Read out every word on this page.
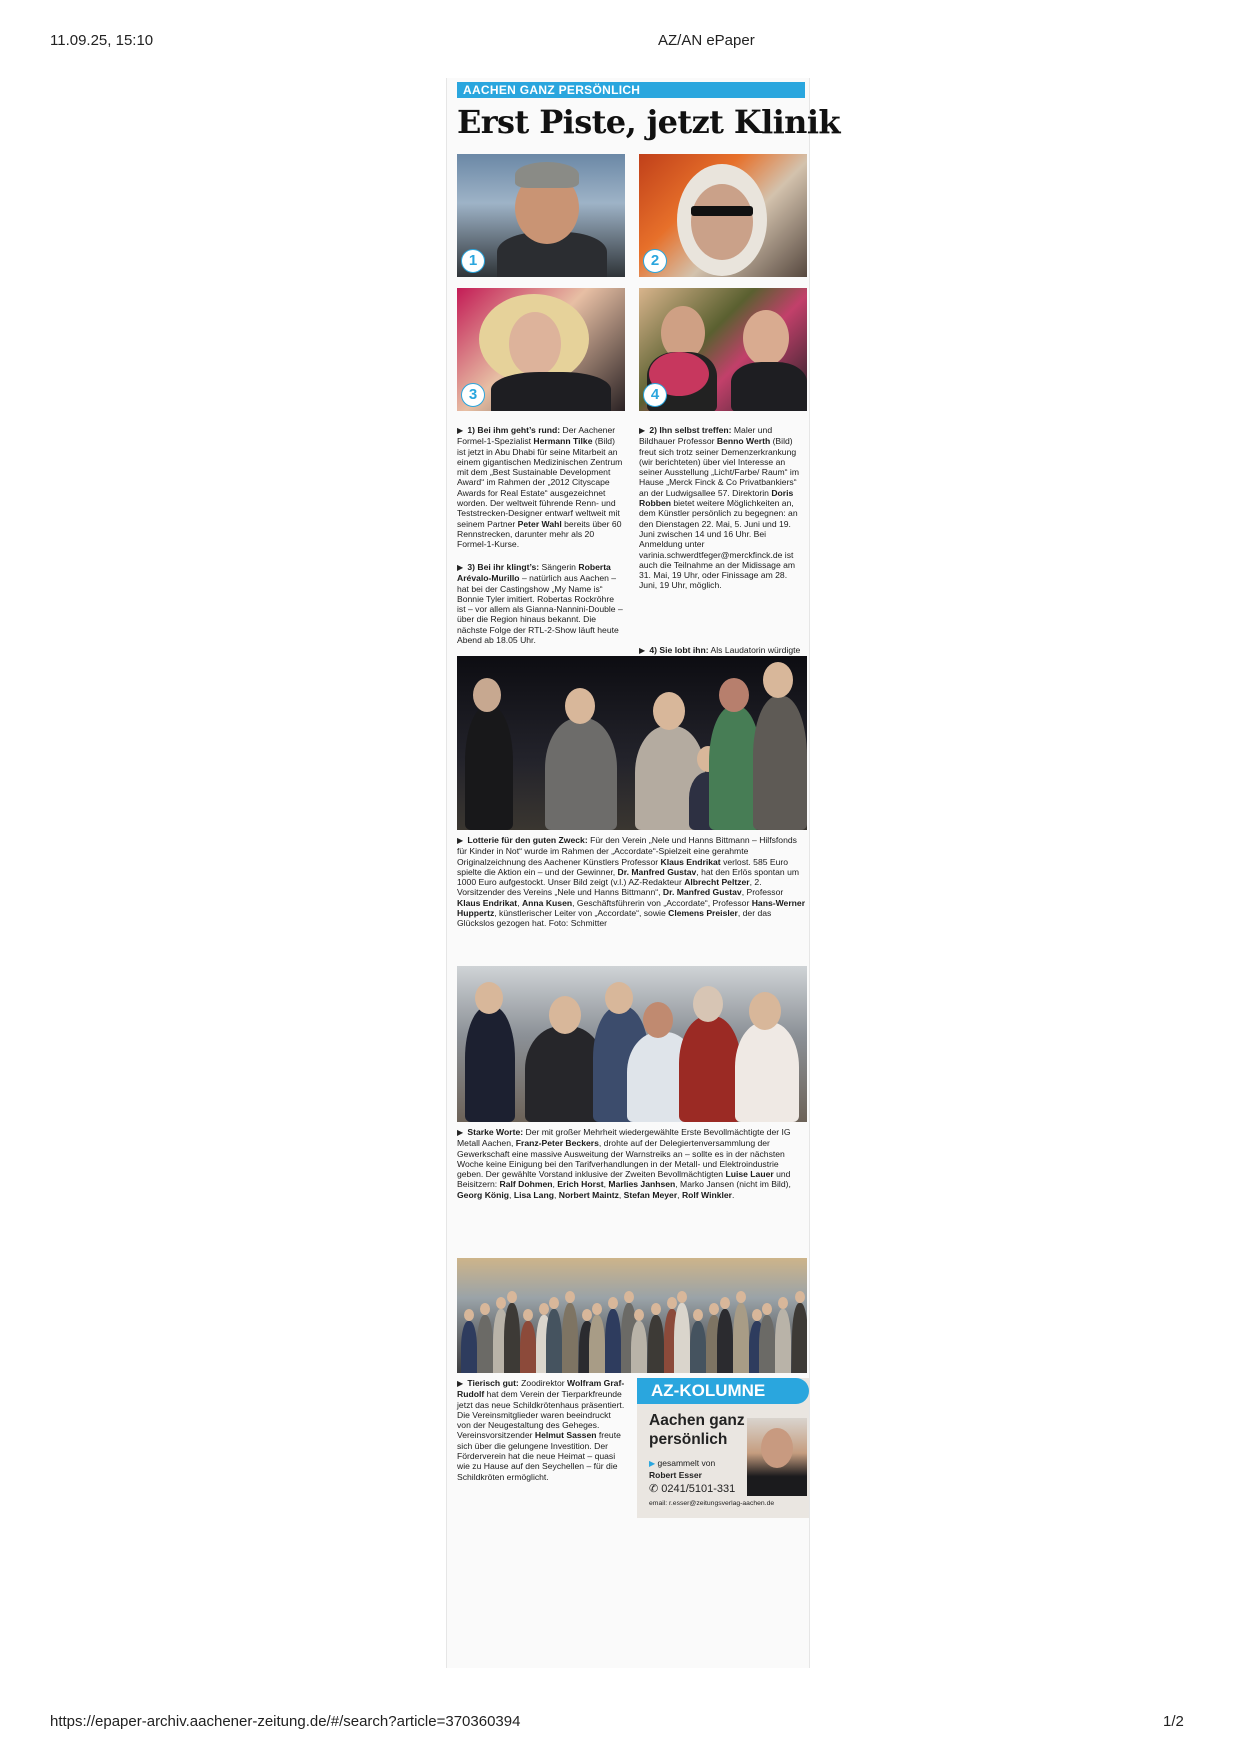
11.09.25, 15:10	AZ/AN ePaper
AACHEN GANZ PERSÖNLICH
Erst Piste, jetzt Klinik
1	2
3	4
▶ 1) Bei ihm geht’s rund: Der Aachener Formel-1-Spezialist Hermann Tilke (Bild) ist jetzt in Abu Dhabi für seine Mitarbeit an einem gigantischen Medizinischen Zentrum mit dem „Best Sustainable Development Award“ im Rahmen der „2012 Cityscape Awards for Real Estate“ ausgezeichnet worden. Der weltweit führende Renn- und Teststrecken-Designer entwarf weltweit mit seinem Partner Peter Wahl bereits über 60 Rennstrecken, darunter mehr als 20 Formel-1-Kurse.
▶ 3) Bei ihr klingt’s: Sängerin Roberta Arévalo-Murillo – natürlich aus Aachen – hat bei der Castingshow „My Name is“ Bonnie Tyler imitiert. Robertas Rockröhre ist – vor allem als Gianna-Nannini-Double – über die Region hinaus bekannt. Die nächste Folge der RTL-2-Show läuft heute Abend ab 18.05 Uhr.
▶ 2) Ihn selbst treffen: Maler und Bildhauer Professor Benno Werth (Bild) freut sich trotz seiner Demenzerkrankung (wir berichteten) über viel Interesse an seiner Ausstellung „Licht/Farbe/ Raum“ im Hause „Merck Finck & Co Privatbankiers“ an der Ludwigsallee 57. Direktorin Doris Robben bietet weitere Möglichkeiten an, dem Künstler persönlich zu begegnen: an den Dienstagen 22. Mai, 5. Juni und 19. Juni zwischen 14 und 16 Uhr. Bei Anmeldung unter varinia.schwerdtfeger@merckfinck.de ist auch die Teilnahme an der Midissage am 31. Mai, 19 Uhr, oder Finissage am 28. Juni, 19 Uhr, möglich.
▶ 4) Sie lobt ihn: Als Laudatorin würdigte
▶ Lotterie für den guten Zweck: Für den Verein „Nele und Hanns Bittmann – Hilfsfonds für Kinder in Not“ wurde im Rahmen der „Accordate“-Spielzeit eine gerahmte Originalzeichnung des Aachener Künstlers Professor Klaus Endrikat verlost. 585 Euro spielte die Aktion ein – und der Gewinner, Dr. Manfred Gustav, hat den Erlös spontan um 1000 Euro aufgestockt. Unser Bild zeigt (v.l.) AZ-Redakteur Albrecht Peltzer, 2. Vorsitzender des Vereins „Nele und Hanns Bittmann“, Dr. Manfred Gustav, Professor Klaus Endrikat, Anna Kusen, Geschäftsführerin von „Accordate“, Professor Hans-Werner Huppertz, künstlerischer Leiter von „Accordate“, sowie Clemens Preisler, der das Glückslos gezogen hat. Foto: Schmitter
▶ Starke Worte: Der mit großer Mehrheit wiedergewählte Erste Bevollmächtigte der IG Metall Aachen, Franz-Peter Beckers, drohte auf der Delegiertenversammlung der Gewerkschaft eine massive Ausweitung der Warnstreiks an – sollte es in der nächsten Woche keine Einigung bei den Tarifverhandlungen in der Metall- und Elektroindustrie geben. Der gewählte Vorstand inklusive der Zweiten Bevollmächtigten Luise Lauer und Beisitzern: Ralf Dohmen, Erich Horst, Marlies Janhsen, Marko Jansen (nicht im Bild), Georg König, Lisa Lang, Norbert Maintz, Stefan Meyer, Rolf Winkler.
▶ Tierisch gut: Zoodirektor Wolfram Graf-Rudolf hat dem Verein der Tierparkfreunde jetzt das neue Schildkrötenhaus präsentiert. Die Vereinsmitglieder waren beeindruckt von der Neugestaltung des Geheges. Vereinsvorsitzender Helmut Sassen freute sich über die gelungene Investition. Der Förderverein hat die neue Heimat – quasi wie zu Hause auf den Seychellen – für die Schildkröten ermöglicht.
AZ-KOLUMNE
Aachen ganz persönlich
▶ gesammelt von
Robert Esser
✆ 0241/5101-331
email: r.esser@zeitungsverlag-aachen.de
https://epaper-archiv.aachener-zeitung.de/#/search?article=370360394	1/2
